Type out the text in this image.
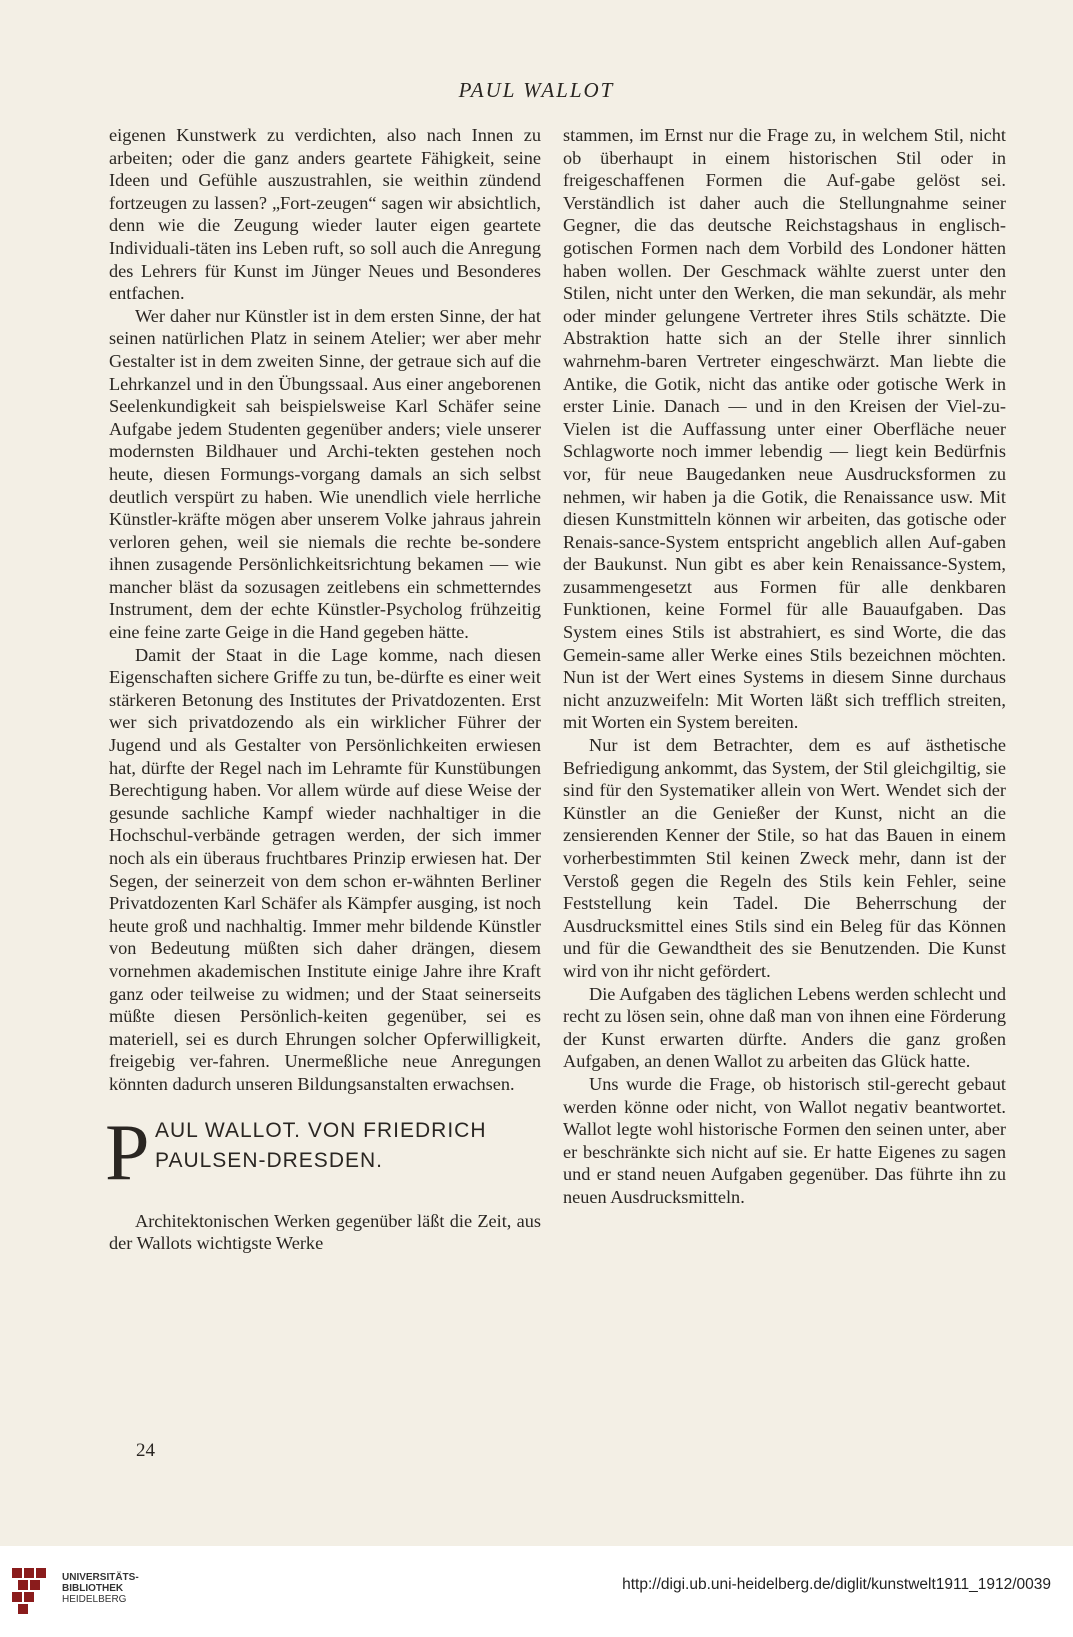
PAUL WALLOT

eigenen Kunstwerk zu verdichten, also nach Innen zu arbeiten; oder die ganz anders geartete Fähigkeit, seine Ideen und Gefühle auszustrahlen, sie weithin zündend fortzeugen zu lassen? „Fort-zeugen“ sagen wir absichtlich, denn wie die Zeugung wieder lauter eigen geartete Individuali-täten ins Leben ruft, so soll auch die Anregung des Lehrers für Kunst im Jünger Neues und Besonderes entfachen.

Wer daher nur Künstler ist in dem ersten Sinne, der hat seinen natürlichen Platz in seinem Atelier; wer aber mehr Gestalter ist in dem zweiten Sinne, der getraue sich auf die Lehrkanzel und in den Übungssaal. Aus einer angeborenen Seelenkundigkeit sah beispielsweise Karl Schäfer seine Aufgabe jedem Studenten gegenüber anders; viele unserer modernsten Bildhauer und Archi-tekten gestehen noch heute, diesen Formungs-vorgang damals an sich selbst deutlich verspürt zu haben. Wie unendlich viele herrliche Künstler-kräfte mögen aber unserem Volke jahraus jahrein verloren gehen, weil sie niemals die rechte be-sondere ihnen zusagende Persönlichkeitsrichtung bekamen — wie mancher bläst da sozusagen zeitlebens ein schmetterndes Instrument, dem der echte Künstler-Psycholog frühzeitig eine feine zarte Geige in die Hand gegeben hätte.

Damit der Staat in die Lage komme, nach diesen Eigenschaften sichere Griffe zu tun, be-dürfte es einer weit stärkeren Betonung des Institutes der Privatdozenten. Erst wer sich privatdozendo als ein wirklicher Führer der Jugend und als Gestalter von Persönlichkeiten erwiesen hat, dürfte der Regel nach im Lehramte für Kunstübungen Berechtigung haben. Vor allem würde auf diese Weise der gesunde sachliche Kampf wieder nachhaltiger in die Hochschul-verbände getragen werden, der sich immer noch als ein überaus fruchtbares Prinzip erwiesen hat. Der Segen, der seinerzeit von dem schon er-wähnten Berliner Privatdozenten Karl Schäfer als Kämpfer ausging, ist noch heute groß und nachhaltig. Immer mehr bildende Künstler von Bedeutung müßten sich daher drängen, diesem vornehmen akademischen Institute einige Jahre ihre Kraft ganz oder teilweise zu widmen; und der Staat seinerseits müßte diesen Persönlich-keiten gegenüber, sei es materiell, sei es durch Ehrungen solcher Opferwilligkeit, freigebig ver-fahren. Unermeßliche neue Anregungen könnten dadurch unseren Bildungsanstalten erwachsen.

P AUL WALLOT. VON FRIEDRICH
PAULSEN-DRESDEN.

Architektonischen Werken gegenüber läßt die Zeit, aus der Wallots wichtigste Werke

stammen, im Ernst nur die Frage zu, in welchem Stil, nicht ob überhaupt in einem historischen Stil oder in freigeschaffenen Formen die Auf-gabe gelöst sei. Verständlich ist daher auch die Stellungnahme seiner Gegner, die das deutsche Reichstagshaus in englisch-gotischen Formen nach dem Vorbild des Londoner hätten haben wollen. Der Geschmack wählte zuerst unter den Stilen, nicht unter den Werken, die man sekundär, als mehr oder minder gelungene Vertreter ihres Stils schätzte. Die Abstraktion hatte sich an der Stelle ihrer sinnlich wahrnehm-baren Vertreter eingeschwärzt. Man liebte die Antike, die Gotik, nicht das antike oder gotische Werk in erster Linie. Danach — und in den Kreisen der Viel-zu-Vielen ist die Auffassung unter einer Oberfläche neuer Schlagworte noch immer lebendig — liegt kein Bedürfnis vor, für neue Baugedanken neue Ausdrucksformen zu nehmen, wir haben ja die Gotik, die Renaissance usw. Mit diesen Kunstmitteln können wir arbeiten, das gotische oder Renais-sance-System entspricht angeblich allen Auf-gaben der Baukunst. Nun gibt es aber kein Renaissance-System, zusammengesetzt aus Formen für alle denkbaren Funktionen, keine Formel für alle Bauaufgaben. Das System eines Stils ist abstrahiert, es sind Worte, die das Gemein-same aller Werke eines Stils bezeichnen möchten. Nun ist der Wert eines Systems in diesem Sinne durchaus nicht anzuzweifeln: Mit Worten läßt sich trefflich streiten, mit Worten ein System bereiten.

Nur ist dem Betrachter, dem es auf ästhetische Befriedigung ankommt, das System, der Stil gleichgiltig, sie sind für den Systematiker allein von Wert. Wendet sich der Künstler an die Genießer der Kunst, nicht an die zensierenden Kenner der Stile, so hat das Bauen in einem vorherbestimmten Stil keinen Zweck mehr, dann ist der Verstoß gegen die Regeln des Stils kein Fehler, seine Feststellung kein Tadel. Die Beherrschung der Ausdrucksmittel eines Stils sind ein Beleg für das Können und für die Gewandtheit des sie Benutzenden. Die Kunst wird von ihr nicht gefördert.

Die Aufgaben des täglichen Lebens werden schlecht und recht zu lösen sein, ohne daß man von ihnen eine Förderung der Kunst erwarten dürfte. Anders die ganz großen Aufgaben, an denen Wallot zu arbeiten das Glück hatte.

Uns wurde die Frage, ob historisch stil-gerecht gebaut werden könne oder nicht, von Wallot negativ beantwortet. Wallot legte wohl historische Formen den seinen unter, aber er beschränkte sich nicht auf sie. Er hatte Eigenes zu sagen und er stand neuen Aufgaben gegenüber. Das führte ihn zu neuen Ausdrucksmitteln.

24
UNIVERSITÄTS-
BIBLIOTHEK
HEIDELBERG
http://digi.ub.uni-heidelberg.de/diglit/kunstwelt1911_1912/0039
